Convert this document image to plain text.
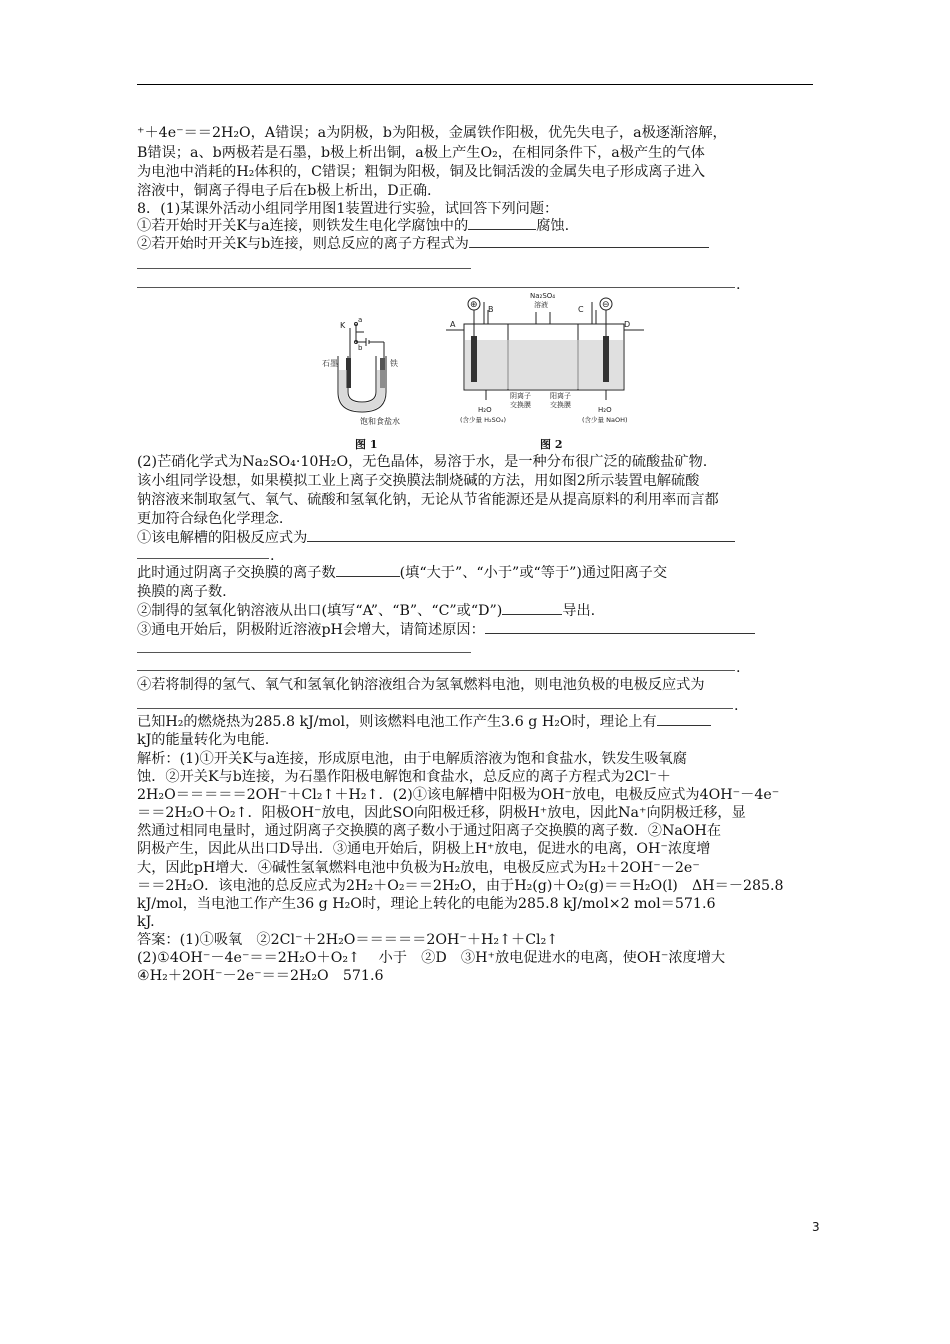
⁺＋4e⁻＝＝2H₂O，A错误；a为阴极，b为阳极，金属铁作阳极，优先失电子，a极逐渐溶解，
B错误；a、b两极若是石墨，b极上析出铜，a极上产生O₂，在相同条件下，a极产生的气体
为电池中消耗的H₂体积的，C错误；粗铜为阳极，铜及比铜活泼的金属失电子形成离子进入
溶液中，铜离子得电子后在b极上析出，D正确.
8．(1)某课外活动小组同学用图1装置进行实验，试回答下列问题：
①若开始时开关K与a连接，则铁发生电化学腐蚀中的	腐蚀.
②若开始时开关K与b连接，则总反应的离子方程式为
.
K
a
b
石墨	铁
饱和食盐水
图 1
⊕	⊖
Na₂SO₄
溶液
A
B	C
D
阴离子
交换膜
阳离子
交换膜
H₂O
(含少量 H₂SO₄)
H₂O
(含少量 NaOH)
图 2
(2)芒硝化学式为Na₂SO₄·10H₂O，无色晶体，易溶于水，是一种分布很广泛的硫酸盐矿物.
该小组同学设想，如果模拟工业上离子交换膜法制烧碱的方法，用如图2所示装置电解硫酸
钠溶液来制取氢气、氧气、硫酸和氢氧化钠，无论从节省能源还是从提高原料的利用率而言都
更加符合绿色化学理念.
①该电解槽的阳极反应式为
.
此时通过阴离子交换膜的离子数	(填“大于”、“小于”或“等于”)通过阳离子交
换膜的离子数.
②制得的氢氧化钠溶液从出口(填写“A”、“B”、“C”或“D”)	导出.
③通电开始后，阴极附近溶液pH会增大，请简述原因：
.
④若将制得的氢气、氧气和氢氧化钠溶液组合为氢氧燃料电池，则电池负极的电极反应式为
.
已知H₂的燃烧热为285.8 kJ/mol，则该燃料电池工作产生3.6 g H₂O时，理论上有
kJ的能量转化为电能.
解析：(1)①开关K与a连接，形成原电池，由于电解质溶液为饱和食盐水，铁发生吸氧腐
蚀．②开关K与b连接，为石墨作阳极电解饱和食盐水，总反应的离子方程式为2Cl⁻＋
2H₂O＝＝＝＝＝2OH⁻＋Cl₂↑＋H₂↑．(2)①该电解槽中阳极为OH⁻放电，电极反应式为4OH⁻－4e⁻
＝＝2H₂O＋O₂↑．阳极OH⁻放电，因此SO向阳极迁移，阴极H⁺放电，因此Na⁺向阴极迁移，显
然通过相同电量时，通过阴离子交换膜的离子数小于通过阳离子交换膜的离子数．②NaOH在
阴极产生，因此从出口D导出．③通电开始后，阴极上H⁺放电，促进水的电离，OH⁻浓度增
大，因此pH增大．④碱性氢氧燃料电池中负极为H₂放电，电极反应式为H₂＋2OH⁻－2e⁻
＝＝2H₂O．该电池的总反应式为2H₂＋O₂＝＝2H₂O，由于H₂(g)＋O₂(g)＝＝H₂O(l)　ΔH＝－285.8
kJ/mol，当电池工作产生36 g H₂O时，理论上转化的电能为285.8 kJ/mol×2 mol＝571.6
kJ.
答案：(1)①吸氧　②2Cl⁻＋2H₂O＝＝＝＝＝2OH⁻＋H₂↑＋Cl₂↑
(2)①4OH⁻－4e⁻＝＝2H₂O＋O₂↑　 小于　②D　③H⁺放电促进水的电离，使OH⁻浓度增大
④H₂＋2OH⁻－2e⁻＝＝2H₂O　571.6
3
